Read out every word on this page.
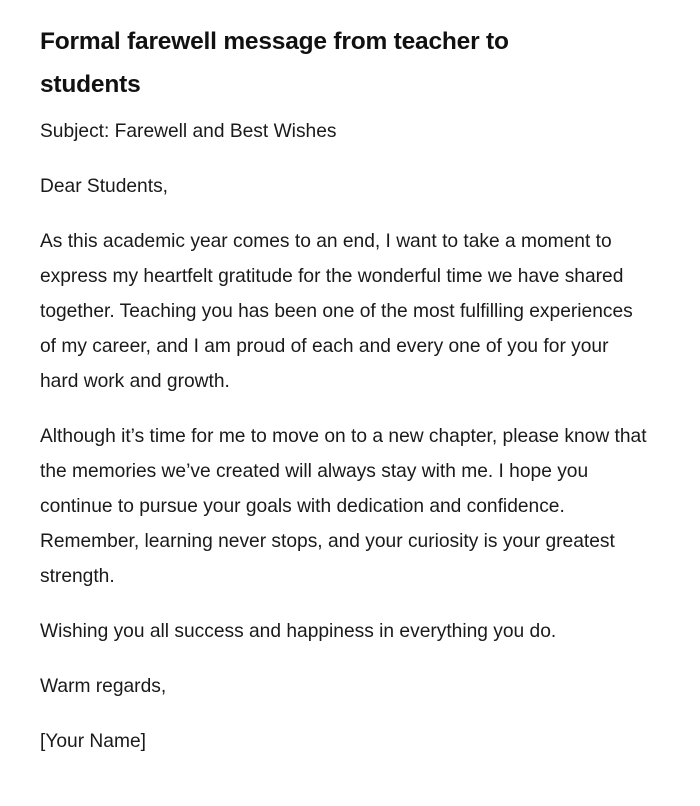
Formal farewell message from teacher to students

Subject: Farewell and Best Wishes

Dear Students,

As this academic year comes to an end, I want to take a moment to express my heartfelt gratitude for the wonderful time we have shared together. Teaching you has been one of the most fulfilling experiences of my career, and I am proud of each and every one of you for your hard work and growth.

Although it’s time for me to move on to a new chapter, please know that the memories we’ve created will always stay with me. I hope you continue to pursue your goals with dedication and confidence. Remember, learning never stops, and your curiosity is your greatest strength.

Wishing you all success and happiness in everything you do.

Warm regards,

[Your Name]
